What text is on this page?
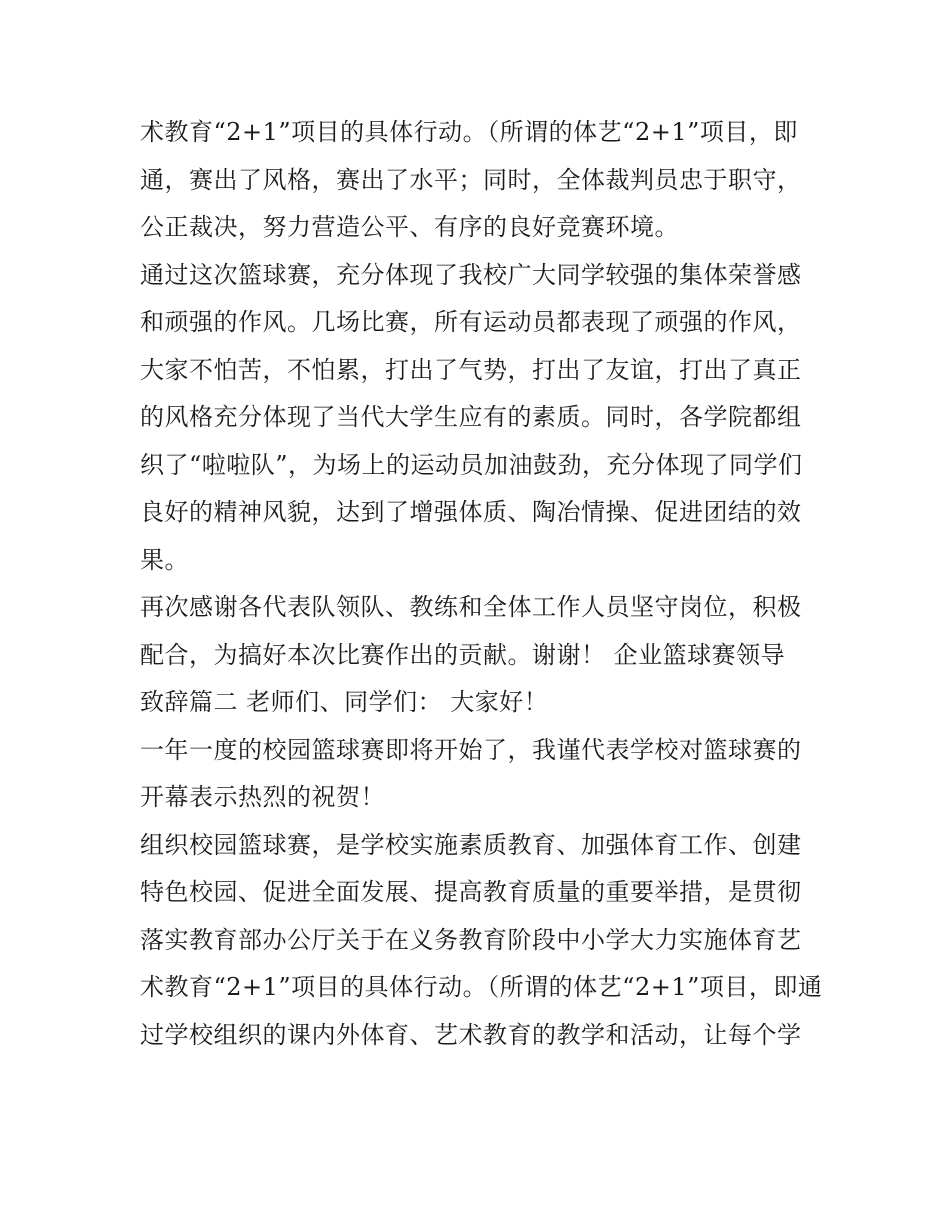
术教育“2+1”项目的具体行动。（所谓的体艺“2+1”项目，即
通，赛出了风格，赛出了水平；同时，全体裁判员忠于职守，
公正裁决，努力营造公平、有序的良好竞赛环境。
通过这次篮球赛，充分体现了我校广大同学较强的集体荣誉感
和顽强的作风。几场比赛，所有运动员都表现了顽强的作风，
大家不怕苦，不怕累，打出了气势，打出了友谊，打出了真正
的风格充分体现了当代大学生应有的素质。同时，各学院都组
织了“啦啦队”，为场上的运动员加油鼓劲，充分体现了同学们
良好的精神风貌，达到了增强体质、陶冶情操、促进团结的效
果。
再次感谢各代表队领队、教练和全体工作人员坚守岗位，积极
配合，为搞好本次比赛作出的贡献。谢谢！ 企业篮球赛领导
致辞篇二 老师们、同学们： 大家好！
一年一度的校园篮球赛即将开始了，我谨代表学校对篮球赛的
开幕表示热烈的祝贺！
组织校园篮球赛，是学校实施素质教育、加强体育工作、创建
特色校园、促进全面发展、提高教育质量的重要举措，是贯彻
落实教育部办公厅关于在义务教育阶段中小学大力实施体育艺
术教育“2+1”项目的具体行动。（所谓的体艺“2+1”项目，即通
过学校组织的课内外体育、艺术教育的教学和活动，让每个学
